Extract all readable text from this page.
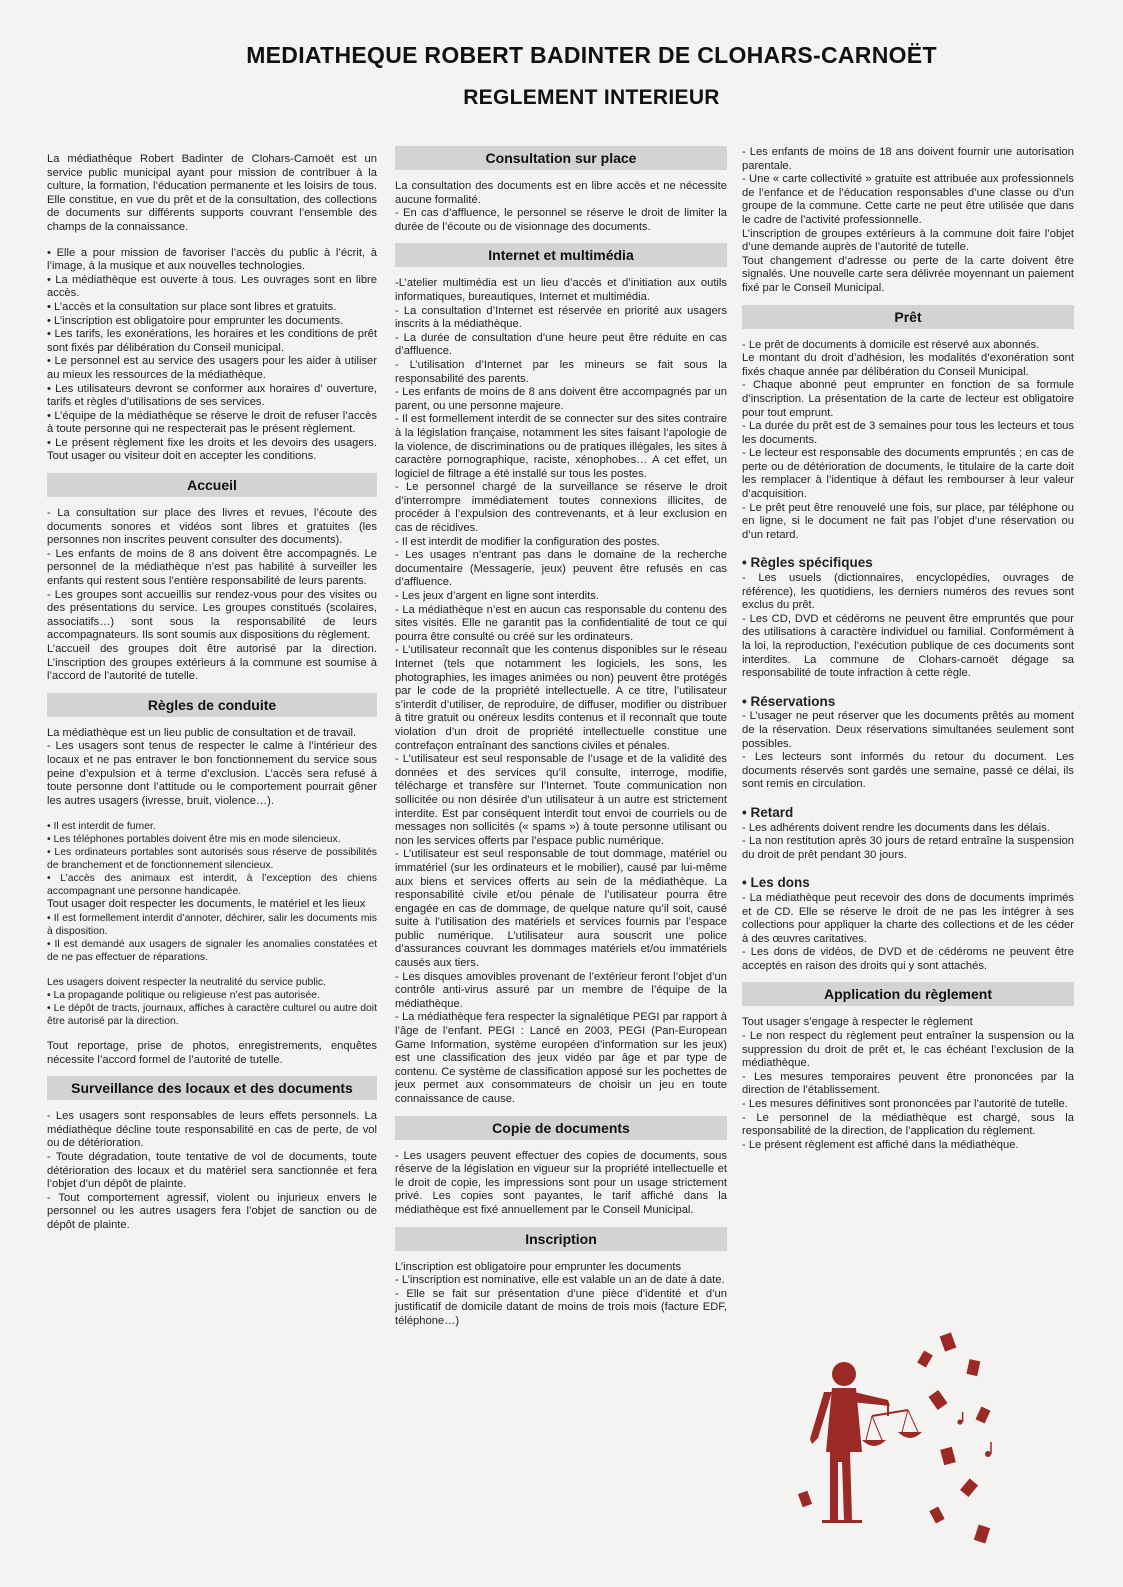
MEDIATHEQUE ROBERT BADINTER DE CLOHARS-CARNOËT
REGLEMENT INTERIEUR

La médiathèque Robert Badinter de Clohars-Carnoët est un service public municipal ayant pour mission de contribuer à la culture, la formation, l’éducation permanente et les loisirs de tous. Elle constitue, en vue du prêt et de la consultation, des collections de documents sur différents supports couvrant l’ensemble des champs de la connaissance.

• Elle a pour mission de favoriser l’accès du public à l’écrit, à l’image, à la musique et aux nouvelles technologies.

• La médiathèque est ouverte à tous. Les ouvrages sont en libre accès.

• L’accès et la consultation sur place sont libres et gratuits.

• L’inscription est obligatoire pour emprunter les documents.

• Les tarifs, les exonérations, les horaires et les conditions de prêt sont fixés par délibération du Conseil municipal.

• Le personnel est au service des usagers pour les aider à utiliser au mieux les ressources de la médiathèque.

• Les utilisateurs devront se conformer aux horaires d’ ouverture, tarifs et règles d’utilisations de ses services.

• L’équipe de la médiathèque se réserve le droit de refuser l’accès à toute personne qui ne respecterait pas le présent règlement.

• Le présent règlement fixe les droits et les devoirs des usagers. Tout usager ou visiteur doit en accepter les conditions.

Accueil

- La consultation sur place des livres et revues, l’écoute des documents sonores et vidéos sont libres et gratuites (les personnes non inscrites peuvent consulter des documents).

- Les enfants de moins de 8 ans doivent être accompagnés. Le personnel de la médiathèque n’est pas habilité à surveiller les enfants qui restent sous l’entière responsabilité de leurs parents.

- Les groupes sont accueillis sur rendez-vous pour des visites ou des présentations du service. Les groupes constitués (scolaires, associatifs…) sont sous la responsabilité de leurs accompagnateurs. Ils sont soumis aux dispositions du règlement.

L’accueil des groupes doit être autorisé par la direction. L’inscription des groupes extérieurs à la commune est soumise à l’accord de l’autorité de tutelle.

Règles de conduite

La médiathèque est un lieu public de consultation et de travail.

- Les usagers sont tenus de respecter le calme à l’intérieur des locaux et ne pas entraver le bon fonctionnement du service sous peine d’expulsion et à terme d’exclusion. L’accès sera refusé à toute personne dont l’attitude ou le comportement pourrait gêner les autres usagers (ivresse, bruit, violence…).

• Il est interdit de fumer.

• Les téléphones portables doivent être mis en mode silencieux.

• Les ordinateurs portables sont autorisés sous réserve de possibilités de branchement et de fonctionnement silencieux.

• L’accès des animaux est interdit, à l’exception des chiens accompagnant une personne handicapée.

Tout usager doit respecter les documents, le matériel et les lieux

• Il est formellement interdit d’annoter, déchirer, salir les documents mis à disposition.

• Il est demandé aux usagers de signaler les anomalies constatées et de ne pas effectuer de réparations.

Les usagers doivent respecter la neutralité du service public.

• La propagande politique ou religieuse n’est pas autorisée.

• Le dépôt de tracts, journaux, affiches à caractère culturel ou autre doit être autorisé par la direction.

Tout reportage, prise de photos, enregistrements, enquêtes nécessite l’accord formel de l’autorité de tutelle.

Surveillance des locaux et des documents

- Les usagers sont responsables de leurs effets personnels. La médiathèque décline toute responsabilité en cas de perte, de vol ou de détérioration.

- Toute dégradation, toute tentative de vol de documents, toute détérioration des locaux et du matériel sera sanctionnée et fera l’objet d’un dépôt de plainte.

- Tout comportement agressif, violent ou injurieux envers le personnel ou les autres usagers fera l’objet de sanction ou de dépôt de plainte.

Consultation sur place

La consultation des documents est en libre accès et ne nécessite aucune formalité.

- En cas d’affluence, le personnel se réserve le droit de limiter la durée de l’écoute ou de visionnage des documents.

Internet et multimédia

-L’atelier multimédia est un lieu d’accès et d’initiation aux outils informatiques, bureautiques, Internet et multimédia.

- La consultation d’Internet est réservée en priorité aux usagers inscrits à la médiathèque.

- La durée de consultation d’une heure peut être réduite en cas d’affluence.

- L’utilisation d’Internet par les mineurs se fait sous la responsabilité des parents.

- Les enfants de moins de 8 ans doivent être accompagnés par un parent, ou une personne majeure.

- Il est formellement interdit de se connecter sur des sites contraire à la législation française, notamment les sites faisant l’apologie de la violence, de discriminations ou de pratiques illégales, les sites à caractère pornographique, raciste, xénophobes… A cet effet, un logiciel de filtrage a été installé sur tous les postes.

- Le personnel chargé de la surveillance se réserve le droit d’interrompre immédiatement toutes connexions illicites, de procéder à l’expulsion des contrevenants, et à leur exclusion en cas de récidives.

- Il est interdit de modifier la configuration des postes.

- Les usages n’entrant pas dans le domaine de la recherche documentaire (Messagerie, jeux) peuvent être refusés en cas d’affluence.

- Les jeux d’argent en ligne sont interdits.

- La médiathèque n’est en aucun cas responsable du contenu des sites visités. Elle ne garantit pas la confidentialité de tout ce qui pourra être consulté ou créé sur les ordinateurs.

- L’utilisateur reconnaît que les contenus disponibles sur le réseau Internet (tels que notamment les logiciels, les sons, les photographies, les images animées ou non) peuvent être protégés par le code de la propriété intellectuelle. A ce titre, l’utilisateur s’interdit d’utiliser, de reproduire, de diffuser, modifier ou distribuer à titre gratuit ou onéreux lesdits contenus et il reconnaît que toute violation d’un droit de propriété intellectuelle constitue une contrefaçon entraînant des sanctions civiles et pénales.

- L’utilisateur est seul responsable de l’usage et de la validité des données et des services qu’il consulte, interroge, modifie, télécharge et transfère sur l’Internet. Toute communication non sollicitée ou non désirée d’un utilisateur à un autre est strictement interdite. Est par conséquent interdit tout envoi de courriels ou de messages non sollicités (« spams ») à toute personne utilisant ou non les services offerts par l’espace public numérique.

- L’utilisateur est seul responsable de tout dommage, matériel ou immatériel (sur les ordinateurs et le mobilier), causé par lui-même aux biens et services offerts au sein de la médiathèque. La responsabilité civile et/ou pénale de l’utilisateur pourra être engagée en cas de dommage, de quelque nature qu’il soit, causé suite à l’utilisation des matériels et services fournis par l’espace public numérique. L’utilisateur aura souscrit une police d’assurances couvrant les dommages matériels et/ou immatériels causés aux tiers.

- Les disques amovibles provenant de l’extérieur feront l’objet d’un contrôle anti-virus assuré par un membre de l’équipe de la médiathèque.

- La médiathèque fera respecter la signalétique PEGI par rapport à l’âge de l’enfant. PEGI : Lancé en 2003, PEGI (Pan-European Game Information, système européen d’information sur les jeux) est une classification des jeux vidéo par âge et par type de contenu. Ce système de classification apposé sur les pochettes de jeux permet aux consommateurs de choisir un jeu en toute connaissance de cause.

Copie de documents

- Les usagers peuvent effectuer des copies de documents, sous réserve de la législation en vigueur sur la propriété intellectuelle et le droit de copie, les impressions sont pour un usage strictement privé. Les copies sont payantes, le tarif affiché dans la médiathèque est fixé annuellement par le Conseil Municipal.

Inscription

L’inscription est obligatoire pour emprunter les documents

- L’inscription est nominative, elle est valable un an de date à date.

- Elle se fait sur présentation d’une pièce d’identité et d’un justificatif de domicile datant de moins de trois mois (facture EDF, téléphone…)

- Les enfants de moins de 18 ans doivent fournir une autorisation parentale.

- Une « carte collectivité » gratuite est attribuée aux professionnels de l’enfance et de l’éducation responsables d’une classe ou d’un groupe de la commune. Cette carte ne peut être utilisée que dans le cadre de l’activité professionnelle.

L’inscription de groupes extérieurs à la commune doit faire l’objet d’une demande auprès de l’autorité de tutelle.

Tout changement d’adresse ou perte de la carte doivent être signalés. Une nouvelle carte sera délivrée moyennant un paiement fixé par le Conseil Municipal.

Prêt

- Le prêt de documents à domicile est réservé aux abonnés.

Le montant du droit d’adhésion, les modalités d’exonération sont fixés chaque année par délibération du Conseil Municipal.

- Chaque abonné peut emprunter en fonction de sa formule d’inscription. La présentation de la carte de lecteur est obligatoire pour tout emprunt.

- La durée du prêt est de 3 semaines pour tous les lecteurs et tous les documents.

- Le lecteur est responsable des documents empruntés ; en cas de perte ou de détérioration de documents, le titulaire de la carte doit les remplacer à l’identique à défaut les rembourser à leur valeur d’acquisition.

- Le prêt peut être renouvelé une fois, sur place, par téléphone ou en ligne, si le document ne fait pas l’objet d’une réservation ou d’un retard.

• Règles spécifiques

- Les usuels (dictionnaires, encyclopédies, ouvrages de référence), les quotidiens, les derniers numéros des revues sont exclus du prêt.

- Les CD, DVD et cédéroms ne peuvent être empruntés que pour des utilisations à caractère individuel ou familial. Conformément à la loi, la reproduction, l’exécution publique de ces documents sont interdites. La commune de Clohars-carnoët dégage sa responsabilité de toute infraction à cette règle.

• Réservations

- L’usager ne peut réserver que les documents prêtés au moment de la réservation. Deux réservations simultanées seulement sont possibles.

- Les lecteurs sont informés du retour du document. Les documents réservés sont gardés une semaine, passé ce délai, ils sont remis en circulation.

• Retard

- Les adhérents doivent rendre les documents dans les délais.

- La non restitution après 30 jours de retard entraîne la suspension du droit de prêt pendant 30 jours.

• Les dons

- La médiathèque peut recevoir des dons de documents imprimés et de CD. Elle se réserve le droit de ne pas les intégrer à ses collections pour appliquer la charte des collections et de les céder à des œuvres caritatives.

- Les dons de vidéos, de DVD et de cédéroms ne peuvent être acceptés en raison des droits qui y sont attachés.

Application du règlement

Tout usager s’engage à respecter le règlement

- Le non respect du règlement peut entraîner la suspension ou la suppression du droit de prêt et, le cas échéant l’exclusion de la médiathèque.

- Les mesures temporaires peuvent être prononcées par la direction de l’établissement.

- Les mesures définitives sont prononcées par l’autorité de tutelle.

- Le personnel de la médiathèque est chargé, sous la responsabilité de la direction, de l’application du règlement.

- Le présent règlement est affiché dans la médiathèque.
